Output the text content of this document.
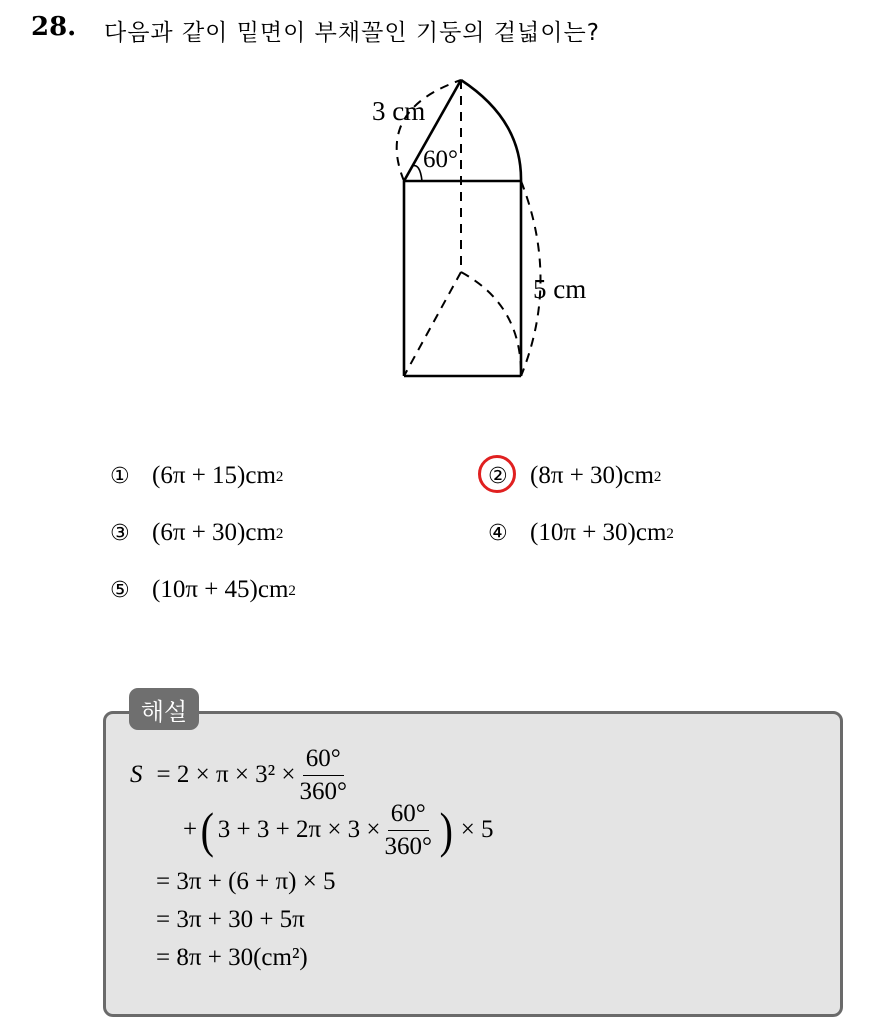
28. 다음과 같이 밑면이 부채꼴인 기둥의 겉넓이는?
3 cm
60°
5 cm
① $(6\pi + 15)cm^2$	② $(8\pi + 30)cm^2$
③ $(6\pi + 30)cm^2$	④ $(10\pi + 30)cm^2$
⑤ $(10\pi + 45)cm^2$
해설
$S = 2 \times \pi \times 3^2 \times \frac{60^\circ}{360^\circ}$
+ ( $3 + 3 + 2\pi \times 3 \times \frac{60^\circ}{360^\circ}$ ) × 5
= 3π + (6 + π) × 5
= 3π + 30 + 5π
= 8π + 30(cm²)
